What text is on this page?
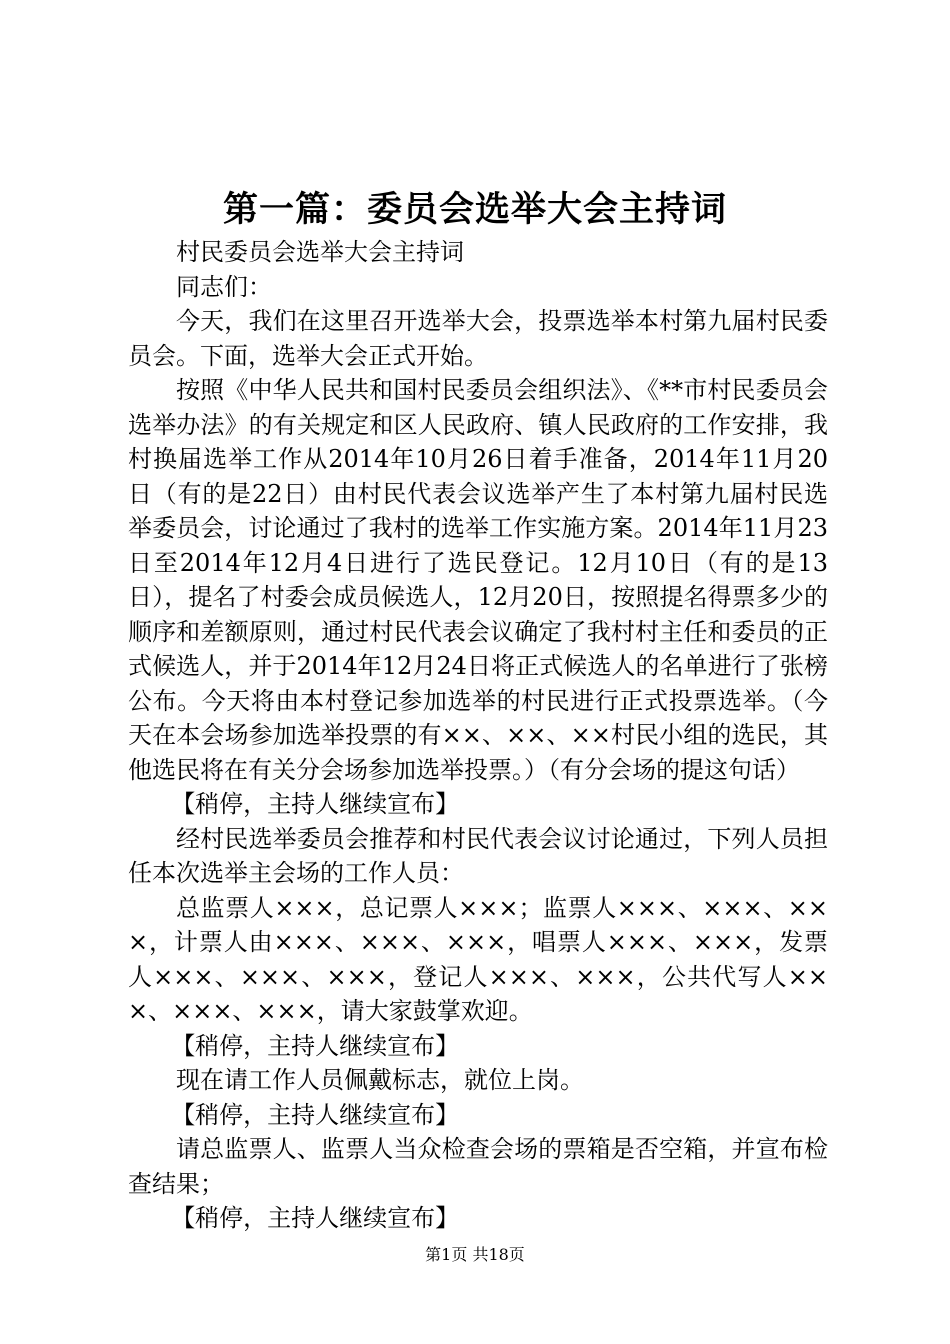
第一篇：委员会选举大会主持词

村民委员会选举大会主持词

同志们：

今天，我们在这里召开选举大会，投票选举本村第九届村民委员会。下面，选举大会正式开始。

按照《中华人民共和国村民委员会组织法》、《**市村民委员会选举办法》的有关规定和区人民政府、镇人民政府的工作安排，我村换届选举工作从2014年10月26日着手准备，2014年11月20日（有的是22日）由村民代表会议选举产生了本村第九届村民选举委员会，讨论通过了我村的选举工作实施方案。2014年11月23日至2014年12月4日进行了选民登记。12月10日（有的是13日），提名了村委会成员候选人，12月20日，按照提名得票多少的顺序和差额原则，通过村民代表会议确定了我村村主任和委员的正式候选人，并于2014年12月24日将正式候选人的名单进行了张榜公布。今天将由本村登记参加选举的村民进行正式投票选举。（今天在本会场参加选举投票的有××、××、××村民小组的选民，其他选民将在有关分会场参加选举投票。）（有分会场的提这句话）

【稍停，主持人继续宣布】

经村民选举委员会推荐和村民代表会议讨论通过，下列人员担任本次选举主会场的工作人员：

总监票人×××，总记票人×××；监票人×××、×××、×××，计票人由×××、×××、×××，唱票人×××、×××，发票人×××、×××、×××，登记人×××、×××，公共代写人×××、×××、×××，请大家鼓掌欢迎。

【稍停，主持人继续宣布】

现在请工作人员佩戴标志，就位上岗。

【稍停，主持人继续宣布】

请总监票人、监票人当众检查会场的票箱是否空箱，并宣布检查结果；

【稍停，主持人继续宣布】

第1页 共18页
